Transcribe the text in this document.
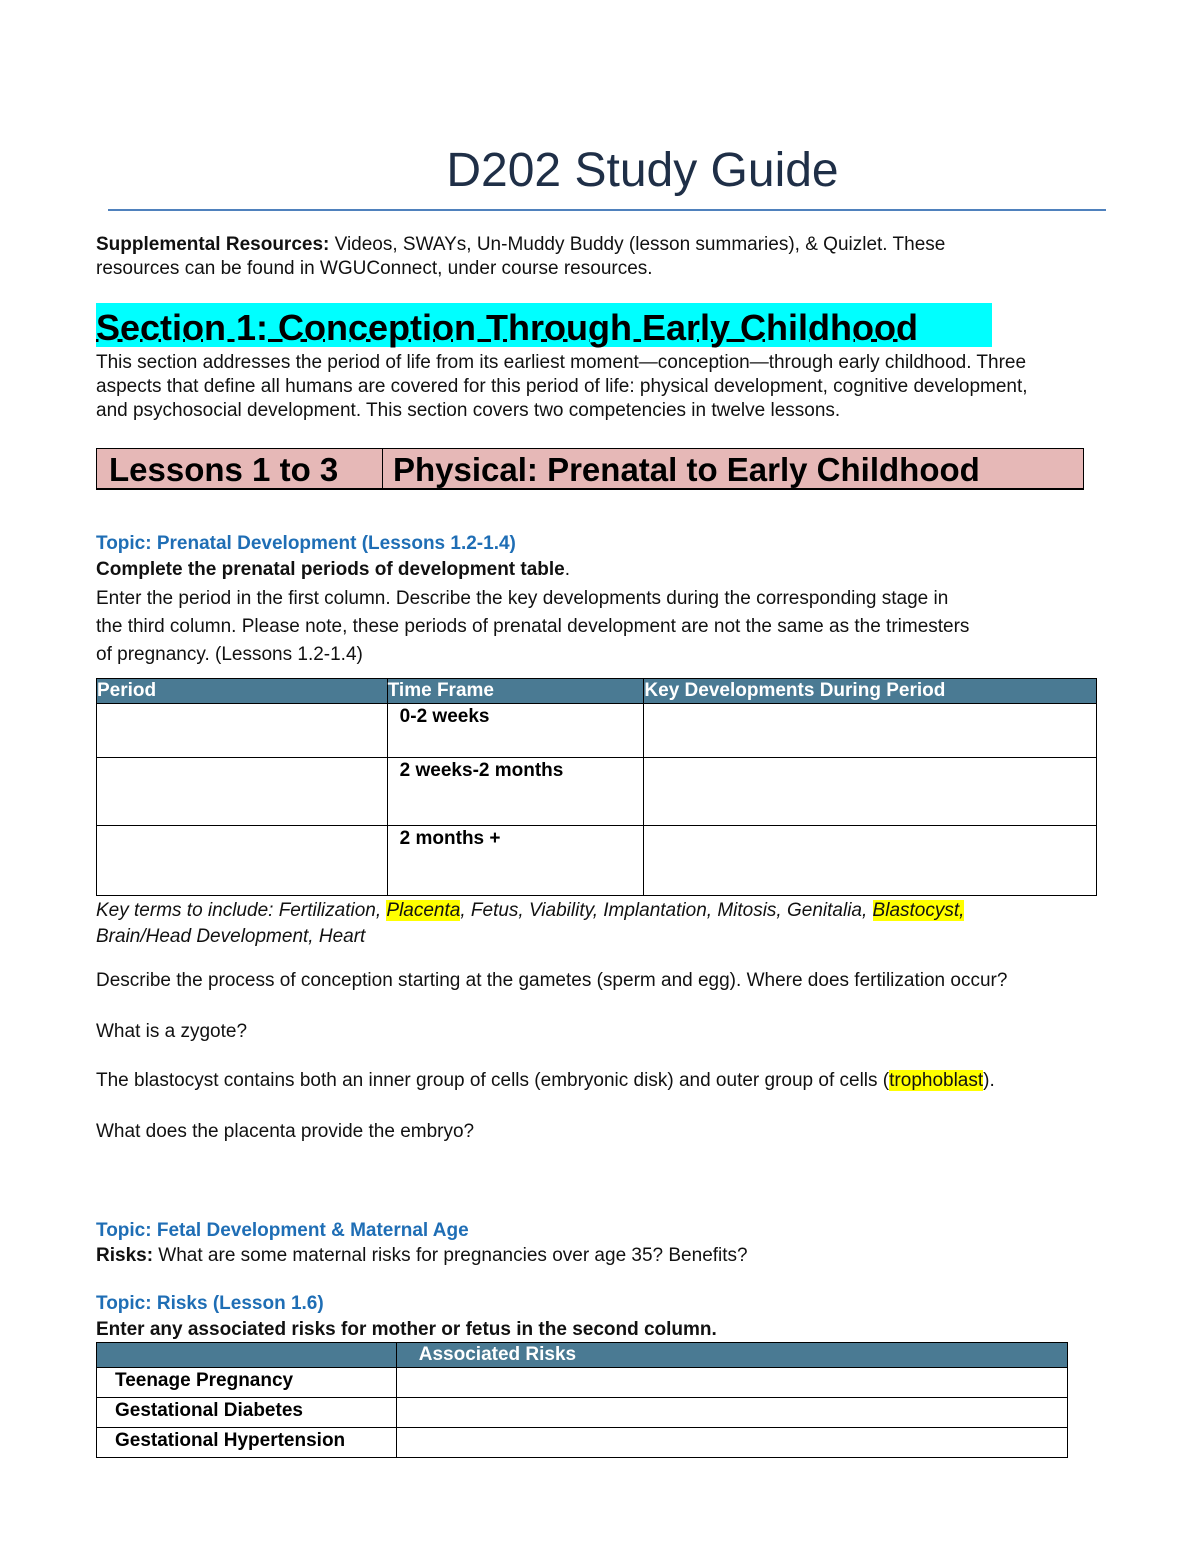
D202 Study Guide
Supplemental Resources: Videos, SWAYs, Un-Muddy Buddy (lesson summaries), & Quizlet. These
resources can be found in WGUConnect, under course resources.
Section 1: Conception Through Early Childhood
This section addresses the period of life from its earliest moment—conception—through early childhood. Three
aspects that define all humans are covered for this period of life: physical development, cognitive development,
and psychosocial development. This section covers two competencies in twelve lessons.
Lessons 1 to 3	Physical: Prenatal to Early Childhood
Topic: Prenatal Development (Lessons 1.2-1.4)
Complete the prenatal periods of development table.
Enter the period in the first column. Describe the key developments during the corresponding stage in
the third column. Please note, these periods of prenatal development are not the same as the trimesters
of pregnancy. (Lessons 1.2-1.4)
Period	Time Frame	Key Developments During Period
	0-2 weeks	
	2 weeks-2 months	
	2 months +	
Key terms to include: Fertilization, Placenta, Fetus, Viability, Implantation, Mitosis, Genitalia, Blastocyst,
Brain/Head Development, Heart
Describe the process of conception starting at the gametes (sperm and egg). Where does fertilization occur?
What is a zygote?
The blastocyst contains both an inner group of cells (embryonic disk) and outer group of cells (trophoblast).
What does the placenta provide the embryo?
Topic: Fetal Development & Maternal Age
Risks: What are some maternal risks for pregnancies over age 35? Benefits?
Topic: Risks (Lesson 1.6)
Enter any associated risks for mother or fetus in the second column.
	Associated Risks
Teenage Pregnancy	
Gestational Diabetes	
Gestational Hypertension	
